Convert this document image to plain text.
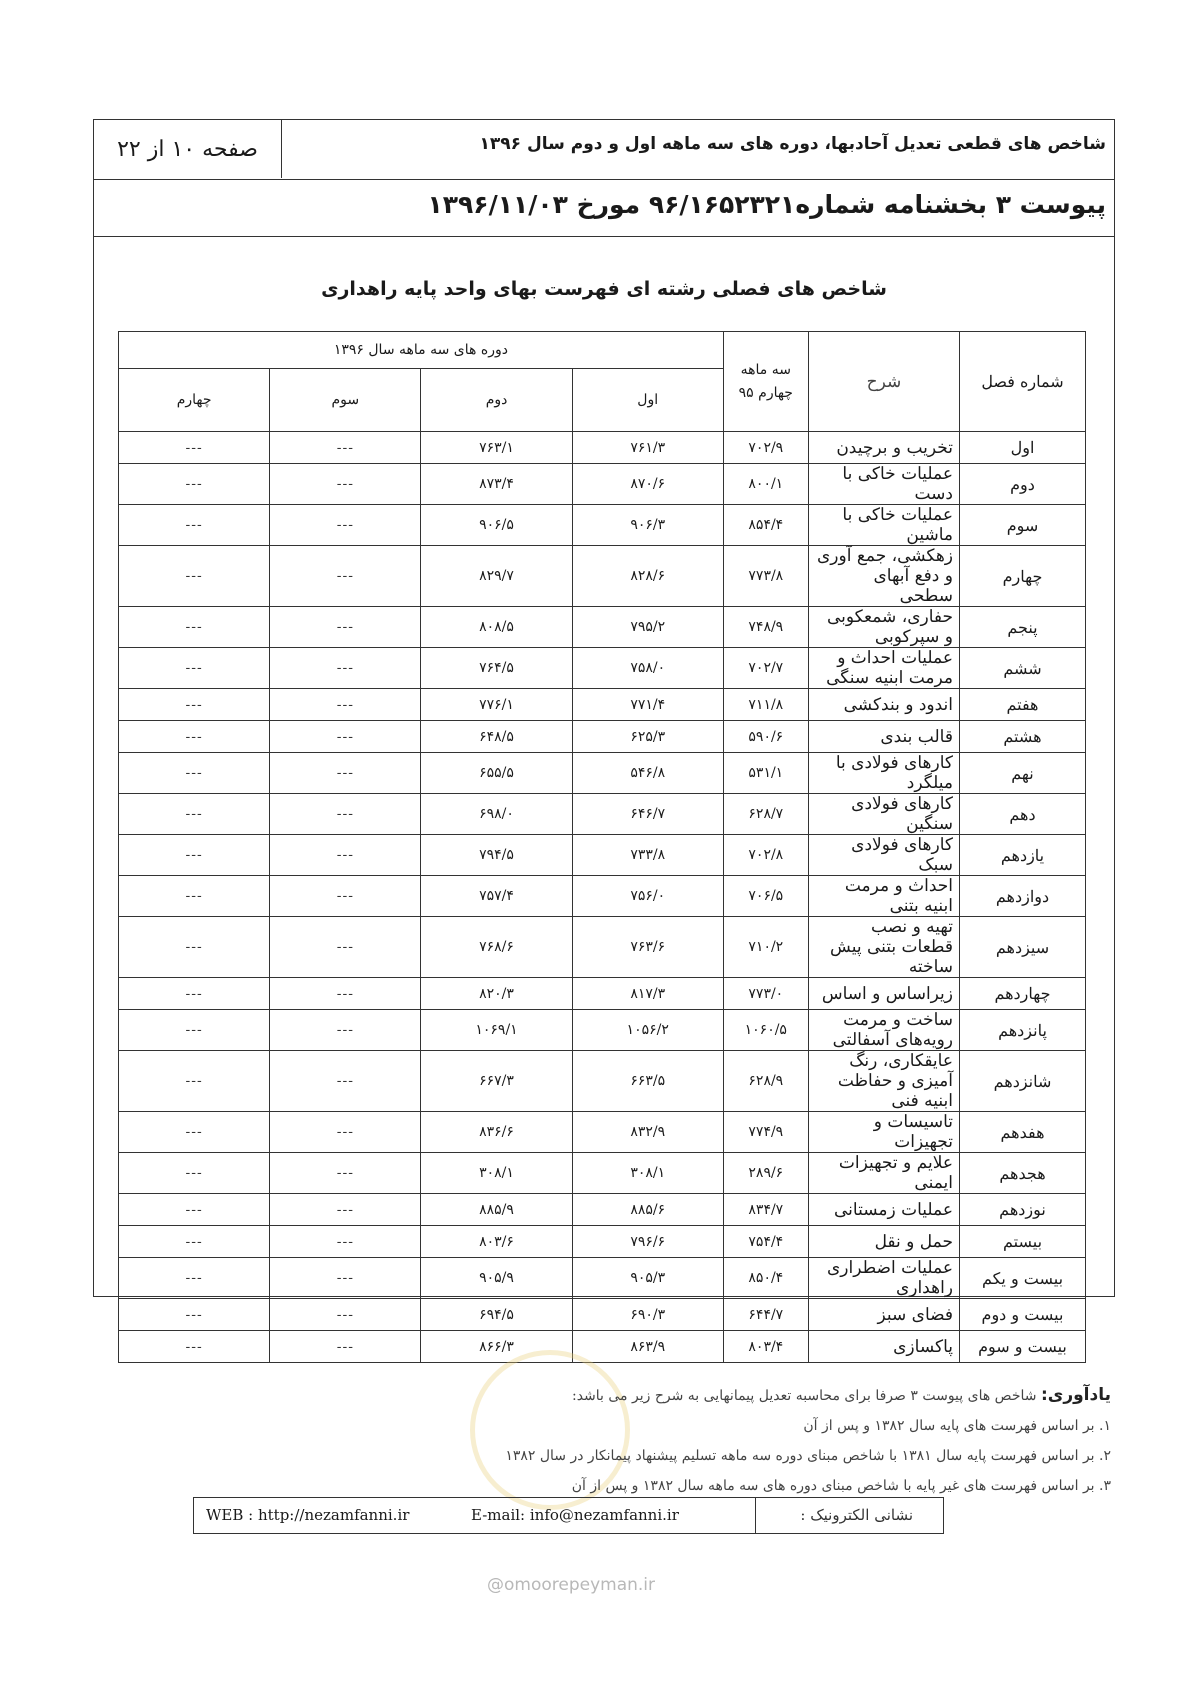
شاخص های قطعی تعدیل آحادبها، دوره های سه ماهه اول و دوم سال ۱۳۹۶
صفحه ۱۰ از ۲۲
پیوست ۳ بخشنامه شماره۹۶/۱۶۵۲۳۲۱ مورخ ۱۳۹۶/۱۱/۰۳
شاخص های فصلی رشته ای فهرست بهای واحد پایه راهداری
شماره فصل	شرح	سه ماهه چهارم ۹۵	دوره های سه ماهه سال ۱۳۹۶			
			اول	دوم	سوم	چهارم
اول	تخریب و برچیدن	۷۰۲/۹	۷۶۱/۳	۷۶۳/۱	---	---
دوم	عملیات خاکی با دست	۸۰۰/۱	۸۷۰/۶	۸۷۳/۴	---	---
سوم	عملیات خاکی با ماشین	۸۵۴/۴	۹۰۶/۳	۹۰۶/۵	---	---
چهارم	زهکشی، جمع آوری و دفع آبهای سطحی	۷۷۳/۸	۸۲۸/۶	۸۲۹/۷	---	---
پنجم	حفاری، شمعکوبی و سپرکوبی	۷۴۸/۹	۷۹۵/۲	۸۰۸/۵	---	---
ششم	عملیات احداث و مرمت ابنیه سنگی	۷۰۲/۷	۷۵۸/۰	۷۶۴/۵	---	---
هفتم	اندود و بندکشی	۷۱۱/۸	۷۷۱/۴	۷۷۶/۱	---	---
هشتم	قالب بندی	۵۹۰/۶	۶۲۵/۳	۶۴۸/۵	---	---
نهم	کارهای فولادی با میلگرد	۵۳۱/۱	۵۴۶/۸	۶۵۵/۵	---	---
دهم	کارهای فولادی سنگین	۶۲۸/۷	۶۴۶/۷	۶۹۸/۰	---	---
یازدهم	کارهای فولادی سبک	۷۰۲/۸	۷۳۳/۸	۷۹۴/۵	---	---
دوازدهم	احداث و مرمت ابنیه بتنی	۷۰۶/۵	۷۵۶/۰	۷۵۷/۴	---	---
سیزدهم	تهیه و نصب قطعات بتنی پیش ساخته	۷۱۰/۲	۷۶۳/۶	۷۶۸/۶	---	---
چهاردهم	زیراساس و اساس	۷۷۳/۰	۸۱۷/۳	۸۲۰/۳	---	---
پانزدهم	ساخت و مرمت رویه‌های آسفالتی	۱۰۶۰/۵	۱۰۵۶/۲	۱۰۶۹/۱	---	---
شانزدهم	عایقکاری، رنگ آمیزی و حفاظت ابنیه فنی	۶۲۸/۹	۶۶۳/۵	۶۶۷/۳	---	---
هفدهم	تاسیسات و تجهیزات	۷۷۴/۹	۸۳۲/۹	۸۳۶/۶	---	---
هجدهم	علایم و تجهیزات ایمنی	۲۸۹/۶	۳۰۸/۱	۳۰۸/۱	---	---
نوزدهم	عملیات زمستانی	۸۳۴/۷	۸۸۵/۶	۸۸۵/۹	---	---
بیستم	حمل و نقل	۷۵۴/۴	۷۹۶/۶	۸۰۳/۶	---	---
بیست و یکم	عملیات اضطراری راهداری	۸۵۰/۴	۹۰۵/۳	۹۰۵/۹	---	---
بیست و دوم	فضای سبز	۶۴۴/۷	۶۹۰/۳	۶۹۴/۵	---	---
بیست و سوم	پاکسازی	۸۰۳/۴	۸۶۳/۹	۸۶۶/۳	---	---
یادآوری: شاخص های پیوست ۳ صرفا برای محاسبه تعدیل پیمانهایی به شرح زیر می باشد:
۱. بر اساس فهرست های پایه سال ۱۳۸۲ و پس از آن
۲. بر اساس فهرست پایه سال ۱۳۸۱ با شاخص مبنای دوره سه ماهه تسلیم پیشنهاد پیمانکار در سال ۱۳۸۲
۳. بر اساس فهرست های غیر پایه با شاخص مبنای دوره های سه ماهه سال ۱۳۸۲ و پس از آن
نشانی الکترونیک :
E-mail: info@nezamfanni.ir
WEB : http://nezamfanni.ir
@omoorepeyman.ir
